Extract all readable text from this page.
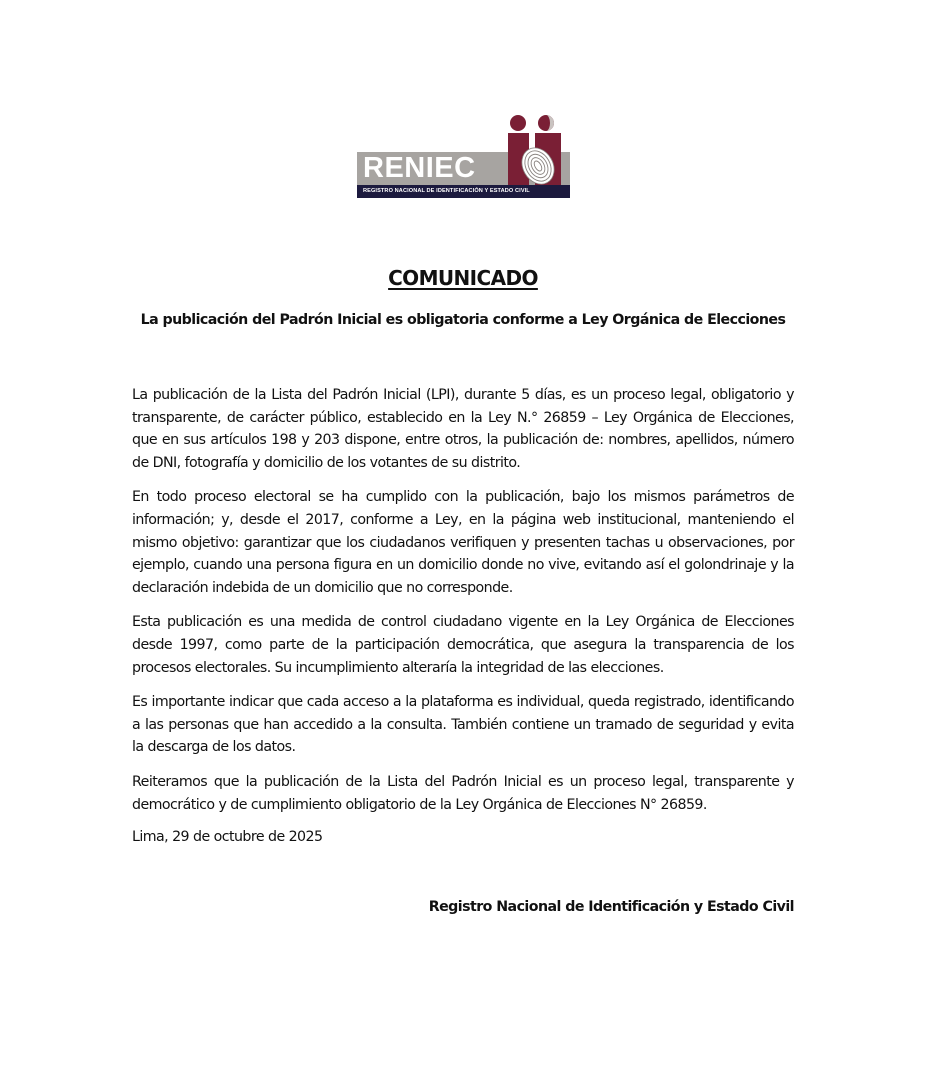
RENIEC
REGISTRO NACIONAL DE IDENTIFICACIÓN Y ESTADO CIVIL
COMUNICADO
La publicación del Padrón Inicial es obligatoria conforme a Ley Orgánica de Elecciones

La publicación de la Lista del Padrón Inicial (LPI), durante 5 días, es un proceso legal, obligatorio y transparente, de carácter público, establecido en la Ley N.° 26859 – Ley Orgánica de Elecciones, que en sus artículos 198 y 203 dispone, entre otros, la publicación de: nombres, apellidos, número de DNI, fotografía y domicilio de los votantes de su distrito.

En todo proceso electoral se ha cumplido con la publicación, bajo los mismos parámetros de información; y, desde el 2017, conforme a Ley, en la página web institucional, manteniendo el mismo objetivo: garantizar que los ciudadanos verifiquen y presenten tachas u observaciones, por ejemplo, cuando una persona figura en un domicilio donde no vive, evitando así el golondrinaje y la declaración indebida de un domicilio que no corresponde.

Esta publicación es una medida de control ciudadano vigente en la Ley Orgánica de Elecciones desde 1997, como parte de la participación democrática, que asegura la transparencia de los procesos electorales. Su incumplimiento alteraría la integridad de las elecciones.

Es importante indicar que cada acceso a la plataforma es individual, queda registrado, identificando a las personas que han accedido a la consulta. También contiene un tramado de seguridad y evita la descarga de los datos.

Reiteramos que la publicación de la Lista del Padrón Inicial es un proceso legal, transparente y democrático y de cumplimiento obligatorio de la Ley Orgánica de Elecciones N° 26859.

Lima, 29 de octubre de 2025
Registro Nacional de Identificación y Estado Civil
